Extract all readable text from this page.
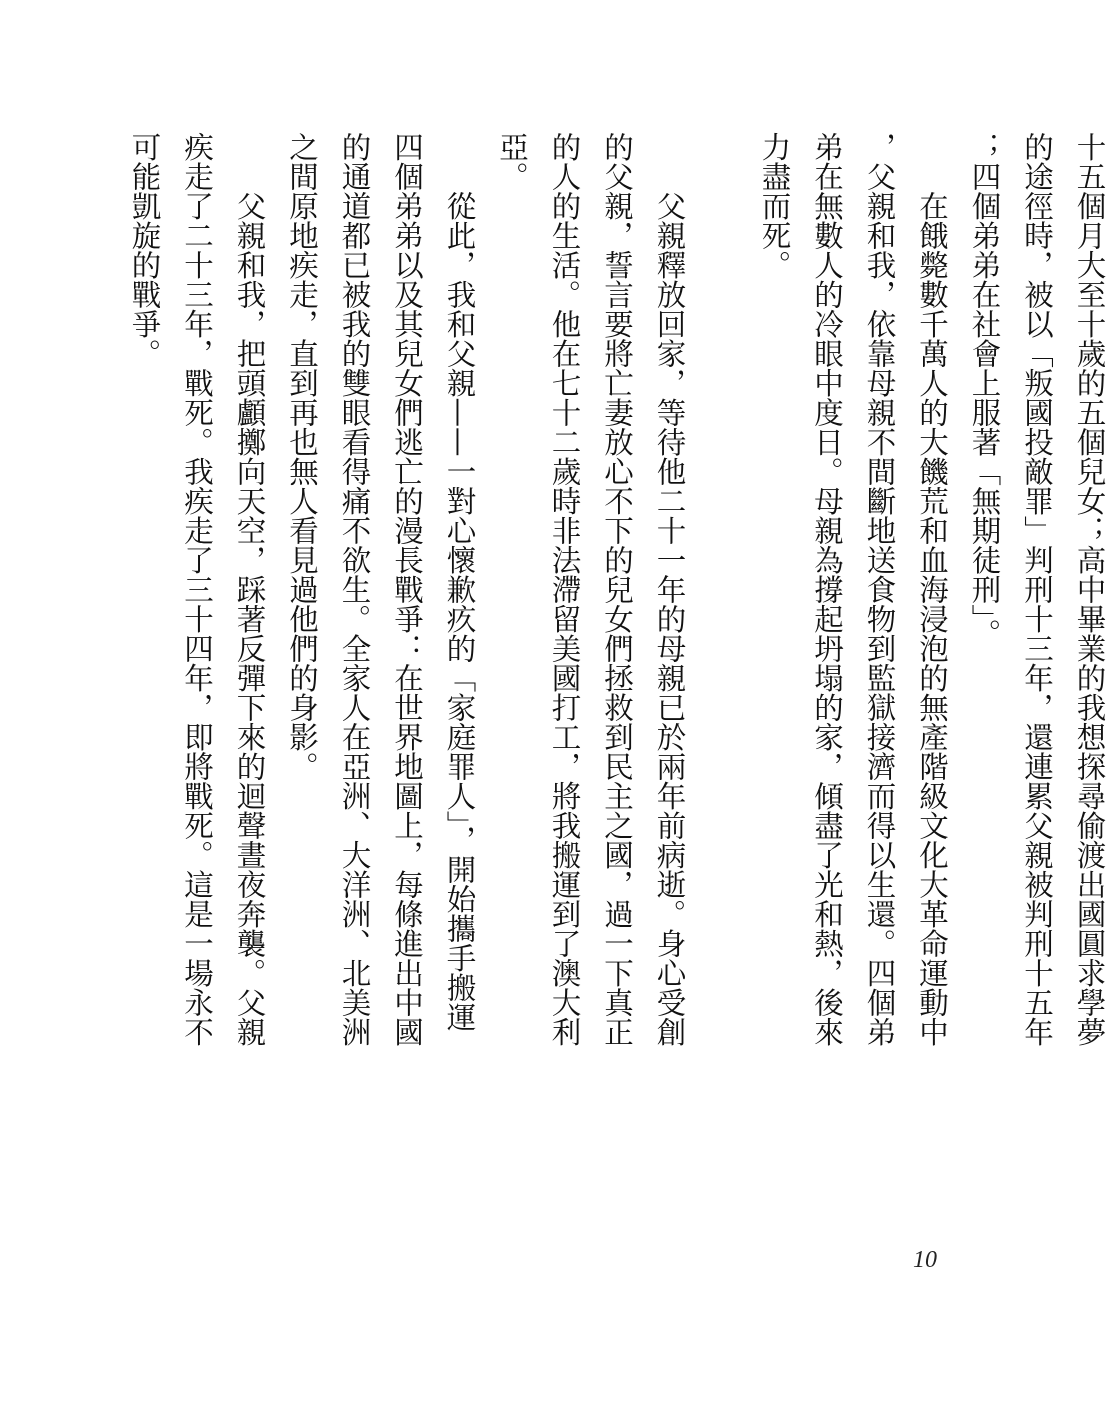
十五個月大至十歲的五個兒女；高中畢業的我想探尋偷渡出國圓求學夢的途徑時，被以「叛國投敵罪」判刑十三年，還連累父親被判刑十五年；四個弟弟在社會上服著「無期徒刑」。

在餓斃數千萬人的大饑荒和血海浸泡的無產階級文化大革命運動中，父親和我，依靠母親不間斷地送食物到監獄接濟而得以生還。四個弟弟在無數人的冷眼中度日。母親為撐起坍塌的家，傾盡了光和熱，後來力盡而死。

父親釋放回家，等待他二十一年的母親已於兩年前病逝。身心受創的父親，誓言要將亡妻放心不下的兒女們拯救到民主之國，過一下真正的人的生活。他在七十二歲時非法滯留美國打工，將我搬運到了澳大利亞。

從此，我和父親——一對心懷歉疚的「家庭罪人」，開始攜手搬運四個弟弟以及其兒女們逃亡的漫長戰爭：在世界地圖上，每條進出中國的通道都已被我的雙眼看得痛不欲生。全家人在亞洲、大洋洲、北美洲之間原地疾走，直到再也無人看見過他們的身影。

父親和我，把頭顱擲向天空，踩著反彈下來的迴聲晝夜奔襲。父親疾走了二十三年，戰死。我疾走了三十四年，即將戰死。這是一場永不可能凱旋的戰爭。

10
